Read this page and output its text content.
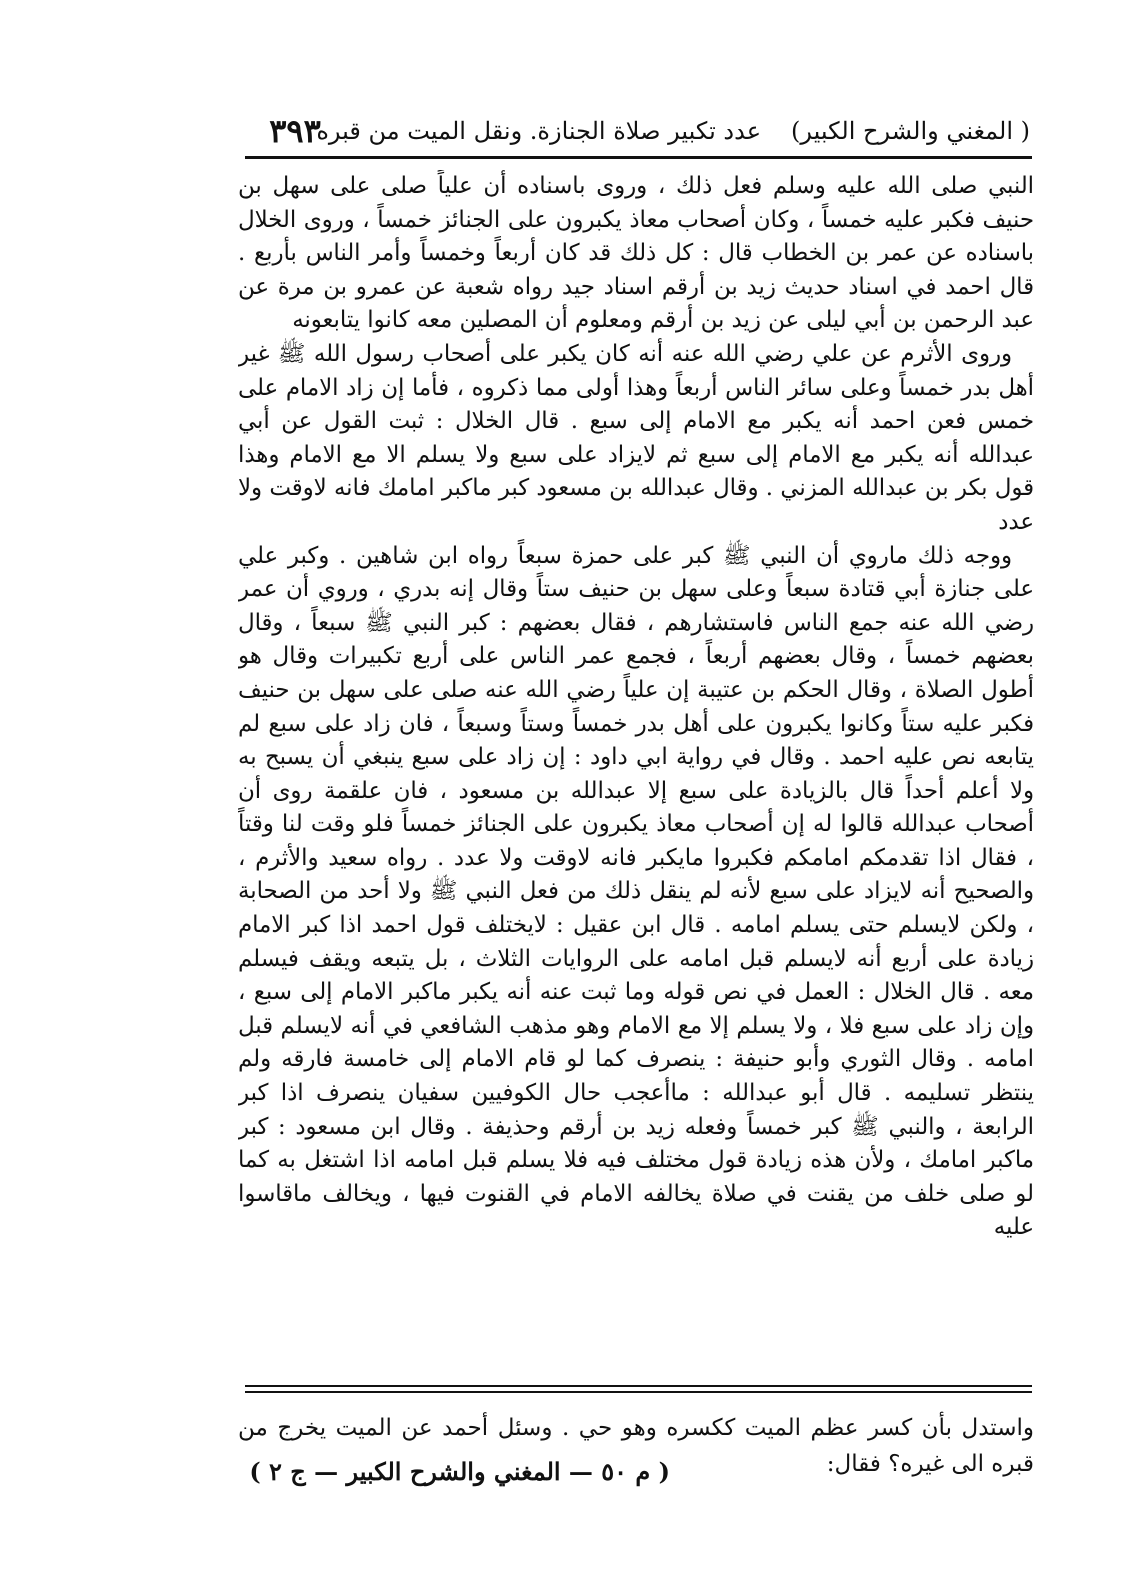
( المغني والشرح الكبير)
عدد تكبير صلاة الجنازة. ونقل الميت من قبره
٣٩٣

النبي صلى الله عليه وسلم فعل ذلك ، وروى باسناده أن علياً صلى على سهل بن حنيف فكبر عليه خمساً ، وكان أصحاب معاذ يكبرون على الجنائز خمساً ، وروى الخلال باسناده عن عمر بن الخطاب قال : كل ذلك قد كان أربعاً وخمساً وأمر الناس بأربع . قال احمد في اسناد حديث زيد بن أرقم اسناد جيد رواه شعبة عن عمرو بن مرة عن عبد الرحمن بن أبي ليلى عن زيد بن أرقم ومعلوم أن المصلين معه كانوا يتابعونه

وروى الأثرم عن علي رضي الله عنه أنه كان يكبر على أصحاب رسول الله ﷺ غير أهل بدر خمساً وعلى سائر الناس أربعاً وهذا أولى مما ذكروه ، فأما إن زاد الامام على خمس فعن احمد أنه يكبر مع الامام إلى سبع . قال الخلال : ثبت القول عن أبي عبدالله أنه يكبر مع الامام إلى سبع ثم لايزاد على سبع ولا يسلم الا مع الامام وهذا قول بكر بن عبدالله المزني . وقال عبدالله بن مسعود كبر ماكبر امامك فانه لاوقت ولا عدد

ووجه ذلك ماروي أن النبي ﷺ كبر على حمزة سبعاً رواه ابن شاهين . وكبر علي على جنازة أبي قتادة سبعاً وعلى سهل بن حنيف ستاً وقال إنه بدري ، وروي أن عمر رضي الله عنه جمع الناس فاستشارهم ، فقال بعضهم : كبر النبي ﷺ سبعاً ، وقال بعضهم خمساً ، وقال بعضهم أربعاً ، فجمع عمر الناس على أربع تكبيرات وقال هو أطول الصلاة ، وقال الحكم بن عتيبة إن علياً رضي الله عنه صلى على سهل بن حنيف فكبر عليه ستاً وكانوا يكبرون على أهل بدر خمساً وستاً وسبعاً ، فان زاد على سبع لم يتابعه نص عليه احمد . وقال في رواية ابي داود : إن زاد على سبع ينبغي أن يسبح به ولا أعلم أحداً قال بالزيادة على سبع إلا عبدالله بن مسعود ، فان علقمة روى أن أصحاب عبدالله قالوا له إن أصحاب معاذ يكبرون على الجنائز خمساً فلو وقت لنا وقتاً ، فقال اذا تقدمكم امامكم فكبروا مايكبر فانه لاوقت ولا عدد . رواه سعيد والأثرم ، والصحيح أنه لايزاد على سبع لأنه لم ينقل ذلك من فعل النبي ﷺ ولا أحد من الصحابة ، ولكن لايسلم حتى يسلم امامه . قال ابن عقيل : لايختلف قول احمد اذا كبر الامام زيادة على أربع أنه لايسلم قبل امامه على الروايات الثلاث ، بل يتبعه ويقف فيسلم معه . قال الخلال : العمل في نص قوله وما ثبت عنه أنه يكبر ماكبر الامام إلى سبع ، وإن زاد على سبع فلا ، ولا يسلم إلا مع الامام وهو مذهب الشافعي في أنه لايسلم قبل امامه . وقال الثوري وأبو حنيفة : ينصرف كما لو قام الامام إلى خامسة فارقه ولم ينتظر تسليمه . قال أبو عبدالله : ماأعجب حال الكوفيين سفيان ينصرف اذا كبر الرابعة ، والنبي ﷺ كبر خمساً وفعله زيد بن أرقم وحذيفة . وقال ابن مسعود : كبر ماكبر امامك ، ولأن هذه زيادة قول مختلف فيه فلا يسلم قبل امامه اذا اشتغل به كما لو صلى خلف من يقنت في صلاة يخالفه الامام في القنوت فيها ، ويخالف ماقاسوا عليه

واستدل بأن كسر عظم الميت ككسره وهو حي . وسئل أحمد عن الميت يخرج من قبره الى غيره؟ فقال:
( م ٥٠ — المغني والشرح الكبير — ج ٢ )
